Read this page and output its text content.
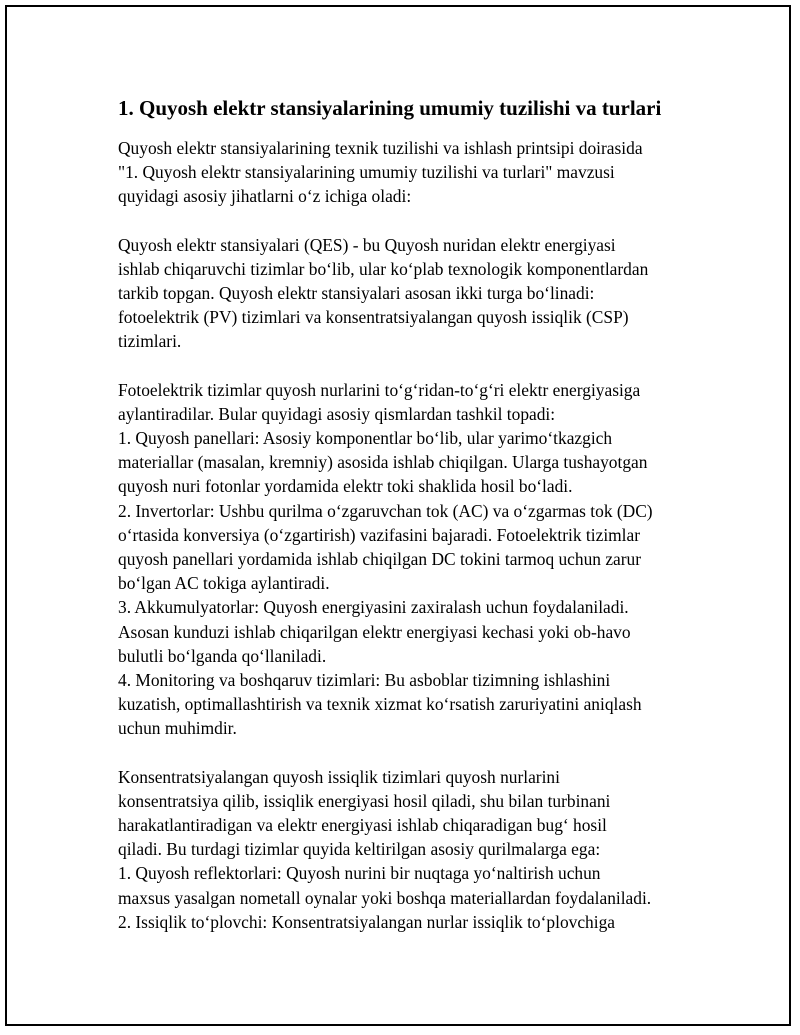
1. Quyosh elektr stansiyalarining umumiy tuzilishi va turlari
Quyosh elektr stansiyalarining texnik tuzilishi va ishlash printsipi doirasida
"1. Quyosh elektr stansiyalarining umumiy tuzilishi va turlari" mavzusi
quyidagi asosiy jihatlarni oʻz ichiga oladi:
Quyosh elektr stansiyalari (QES) - bu Quyosh nuridan elektr energiyasi
ishlab chiqaruvchi tizimlar boʻlib, ular koʻplab texnologik komponentlardan
tarkib topgan. Quyosh elektr stansiyalari asosan ikki turga boʻlinadi:
fotoelektrik (PV) tizimlari va konsentratsiyalangan quyosh issiqlik (CSP)
tizimlari.
Fotoelektrik tizimlar quyosh nurlarini toʻgʻridan-toʻgʻri elektr energiyasiga
aylantiradilar. Bular quyidagi asosiy qismlardan tashkil topadi:
1. Quyosh panellari: Asosiy komponentlar boʻlib, ular yarimoʻtkazgich
materiallar (masalan, kremniy) asosida ishlab chiqilgan. Ularga tushayotgan
quyosh nuri fotonlar yordamida elektr toki shaklida hosil boʻladi.
2. Invertorlar: Ushbu qurilma oʻzgaruvchan tok (AC) va oʻzgarmas tok (DC)
oʻrtasida konversiya (oʻzgartirish) vazifasini bajaradi. Fotoelektrik tizimlar
quyosh panellari yordamida ishlab chiqilgan DC tokini tarmoq uchun zarur
boʻlgan AC tokiga aylantiradi.
3. Akkumulyatorlar: Quyosh energiyasini zaxiralash uchun foydalaniladi.
Asosan kunduzi ishlab chiqarilgan elektr energiyasi kechasi yoki ob-havo
bulutli boʻlganda qoʻllaniladi.
4. Monitoring va boshqaruv tizimlari: Bu asboblar tizimning ishlashini
kuzatish, optimallashtirish va texnik xizmat koʻrsatish zaruriyatini aniqlash
uchun muhimdir.
Konsentratsiyalangan quyosh issiqlik tizimlari quyosh nurlarini
konsentratsiya qilib, issiqlik energiyasi hosil qiladi, shu bilan turbinani
harakatlantiradigan va elektr energiyasi ishlab chiqaradigan bugʻ hosil
qiladi. Bu turdagi tizimlar quyida keltirilgan asosiy qurilmalarga ega:
1. Quyosh reflektorlari: Quyosh nurini bir nuqtaga yoʻnaltirish uchun
maxsus yasalgan nometall oynalar yoki boshqa materiallardan foydalaniladi.
2. Issiqlik toʻplovchi: Konsentratsiyalangan nurlar issiqlik toʻplovchiga
